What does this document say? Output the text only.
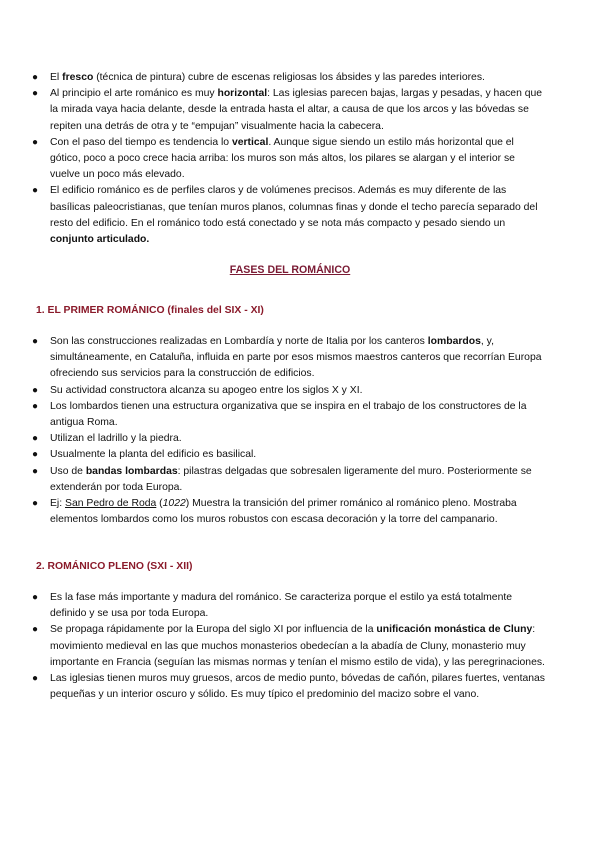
● El fresco (técnica de pintura) cubre de escenas religiosas los ábsides y las paredes interiores.
● Al principio el arte románico es muy horizontal: Las iglesias parecen bajas, largas y pesadas, y hacen que la mirada vaya hacia delante, desde la entrada hasta el altar, a causa de que los arcos y las bóvedas se repiten una detrás de otra y te “empujan” visualmente hacia la cabecera.
● Con el paso del tiempo es tendencia lo vertical. Aunque sigue siendo un estilo más horizontal que el gótico, poco a poco crece hacia arriba: los muros son más altos, los pilares se alargan y el interior se vuelve un poco más elevado.
● El edificio románico es de perfiles claros y de volúmenes precisos. Además es muy diferente de las basílicas paleocristianas, que tenían muros planos, columnas finas y donde el techo parecía separado del resto del edificio. En el románico todo está conectado y se nota más compacto y pesado siendo un conjunto articulado.
FASES DEL ROMÁNICO
1. EL PRIMER ROMÁNICO (finales del SIX - XI)
● Son las construcciones realizadas en Lombardía y norte de Italia por los canteros lombardos, y, simultáneamente, en Cataluña, influida en parte por esos mismos maestros canteros que recorrían Europa ofreciendo sus servicios para la construcción de edificios.
● Su actividad constructora alcanza su apogeo entre los siglos X y XI.
● Los lombardos tienen una estructura organizativa que se inspira en el trabajo de los constructores de la antigua Roma.
● Utilizan el ladrillo y la piedra.
● Usualmente la planta del edificio es basilical.
● Uso de bandas lombardas: pilastras delgadas que sobresalen ligeramente del muro. Posteriormente se extenderán por toda Europa.
● Ej: San Pedro de Roda (1022) Muestra la transición del primer románico al románico pleno. Mostraba elementos lombardos como los muros robustos con escasa decoración y la torre del campanario.
2. ROMÁNICO PLENO (SXI - XII)
● Es la fase más importante y madura del románico. Se caracteriza porque el estilo ya está totalmente definido y se usa por toda Europa.
● Se propaga rápidamente por la Europa del siglo XI por influencia de la unificación monástica de Cluny: movimiento medieval en las que muchos monasterios obedecían a la abadía de Cluny, monasterio muy importante en Francia (seguían las mismas normas y tenían el mismo estilo de vida), y las peregrinaciones.
● Las iglesias tienen muros muy gruesos, arcos de medio punto, bóvedas de cañón, pilares fuertes, ventanas pequeñas y un interior oscuro y sólido. Es muy típico el predominio del macizo sobre el vano.
